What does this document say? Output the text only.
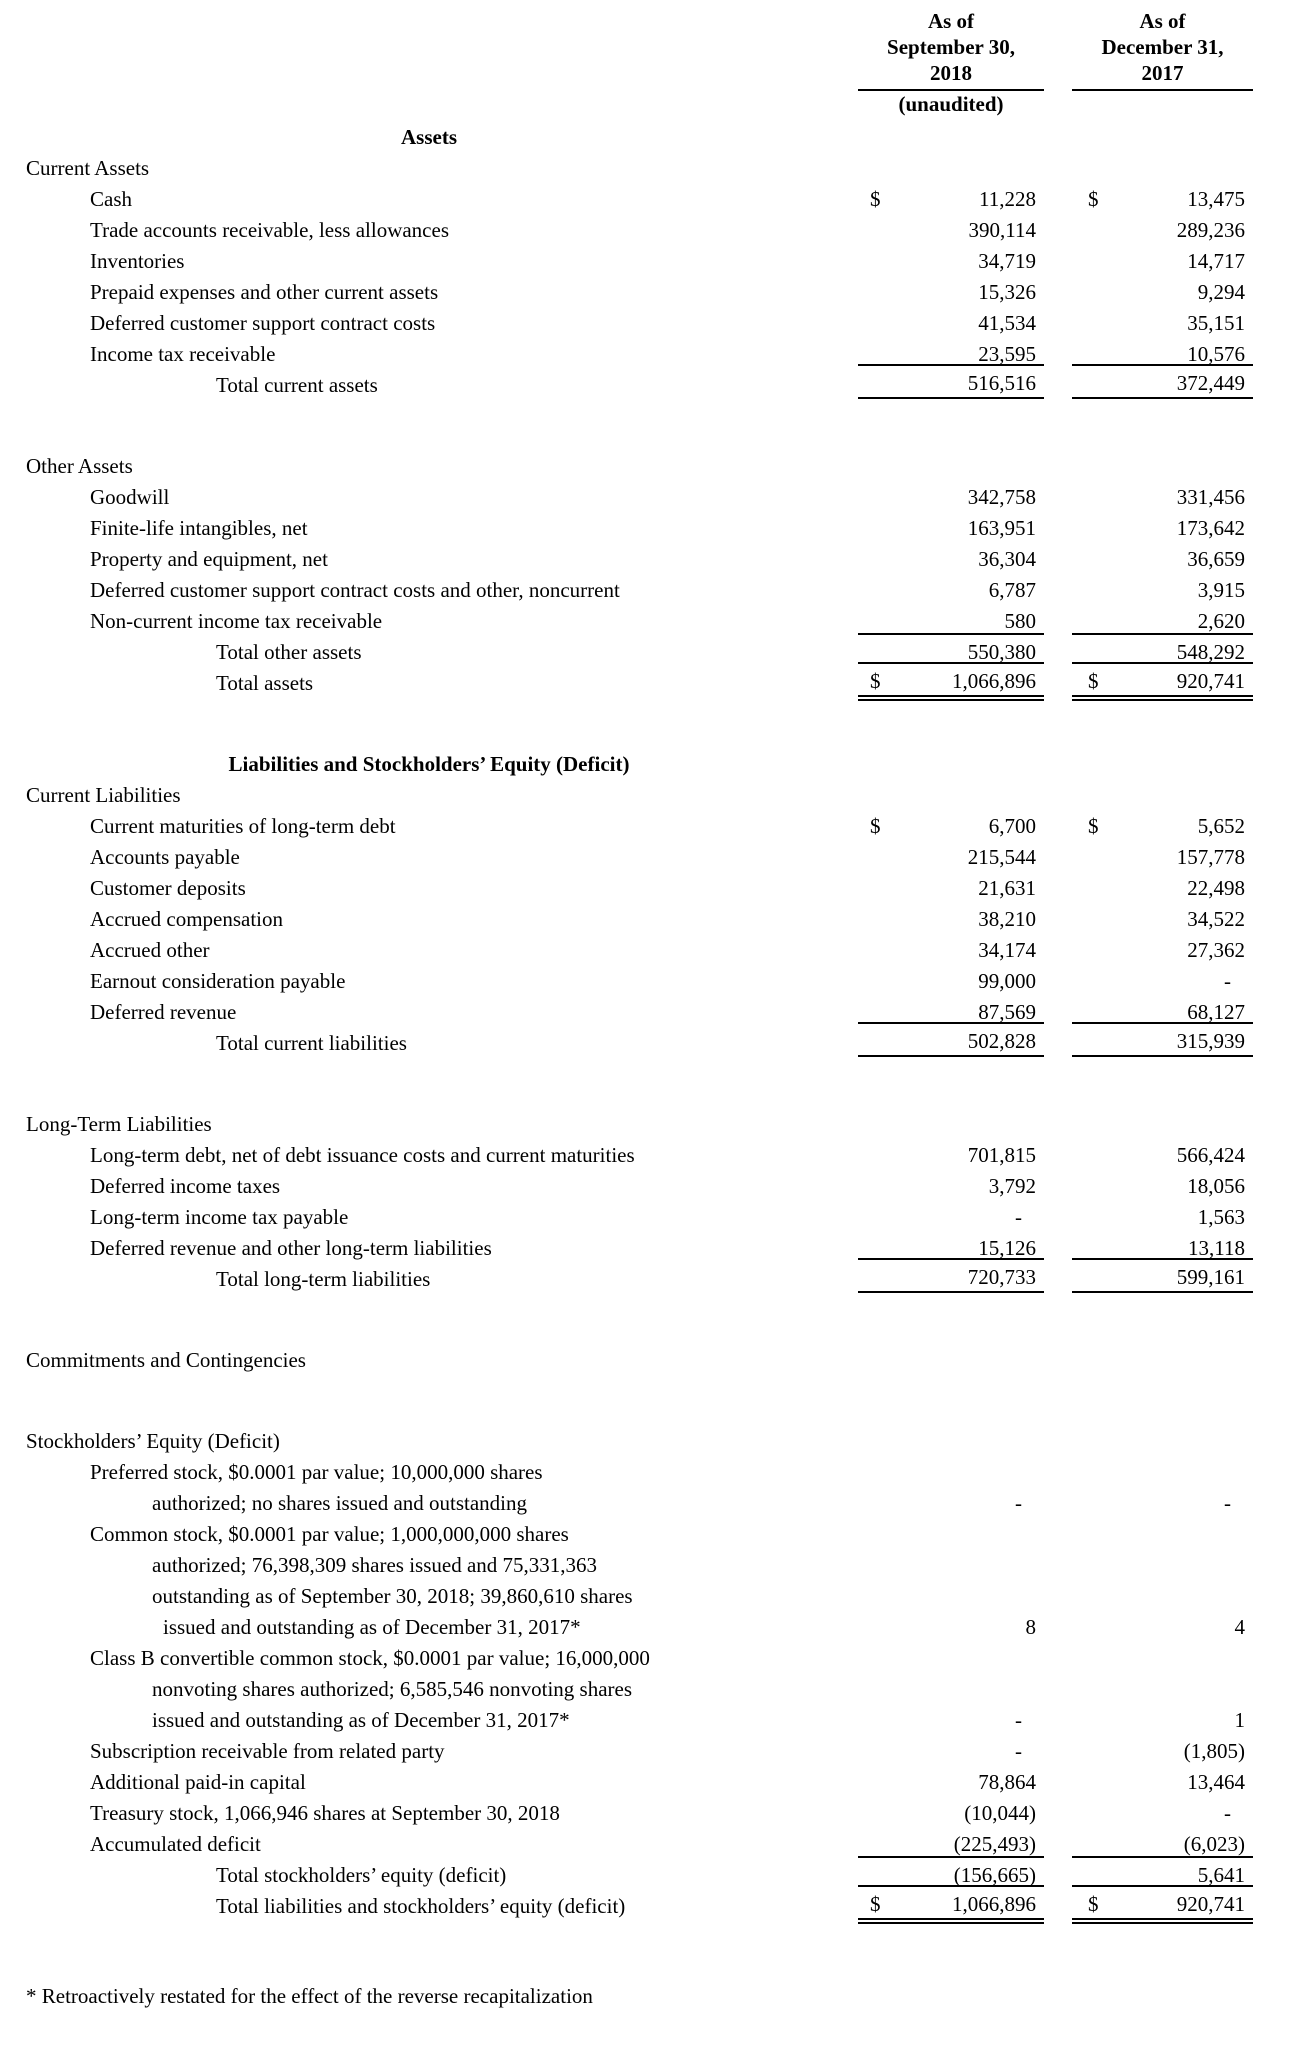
As of
September 30,
2018
(unaudited)
As of
December 31,
2017
Assets
Current Assets
Cash	$	11,228	$	13,475
Trade accounts receivable, less allowances	390,114	289,236
Inventories	34,719	14,717
Prepaid expenses and other current assets	15,326	9,294
Deferred customer support contract costs	41,534	35,151
Income tax receivable	23,595	10,576
Total current assets	516,516	372,449
Other Assets
Goodwill	342,758	331,456
Finite-life intangibles, net	163,951	173,642
Property and equipment, net	36,304	36,659
Deferred customer support contract costs and other, noncurrent	6,787	3,915
Non-current income tax receivable	580	2,620
Total other assets	550,380	548,292
Total assets	$	1,066,896	$	920,741
Liabilities and Stockholders’ Equity (Deficit)
Current Liabilities
Current maturities of long-term debt	$	6,700	$	5,652
Accounts payable	215,544	157,778
Customer deposits	21,631	22,498
Accrued compensation	38,210	34,522
Accrued other	34,174	27,362
Earnout consideration payable	99,000	-
Deferred revenue	87,569	68,127
Total current liabilities	502,828	315,939
Long-Term Liabilities
Long-term debt, net of debt issuance costs and current maturities	701,815	566,424
Deferred income taxes	3,792	18,056
Long-term income tax payable	-	1,563
Deferred revenue and other long-term liabilities	15,126	13,118
Total long-term liabilities	720,733	599,161
Commitments and Contingencies
Stockholders’ Equity (Deficit)
Preferred stock, $0.0001 par value; 10,000,000 shares
authorized; no shares issued and outstanding	-	-
Common stock, $0.0001 par value; 1,000,000,000 shares
authorized; 76,398,309 shares issued and 75,331,363
outstanding as of September 30, 2018; 39,860,610 shares
issued and outstanding as of December 31, 2017*	8	4
Class B convertible common stock, $0.0001 par value; 16,000,000
nonvoting shares authorized; 6,585,546 nonvoting shares
issued and outstanding as of December 31, 2017*	-	1
Subscription receivable from related party	-	(1,805)
Additional paid-in capital	78,864	13,464
Treasury stock, 1,066,946 shares at September 30, 2018	(10,044)	-
Accumulated deficit	(225,493)	(6,023)
Total stockholders’ equity (deficit)	(156,665)	5,641
Total liabilities and stockholders’ equity (deficit)	$	1,066,896	$	920,741
* Retroactively restated for the effect of the reverse recapitalization
